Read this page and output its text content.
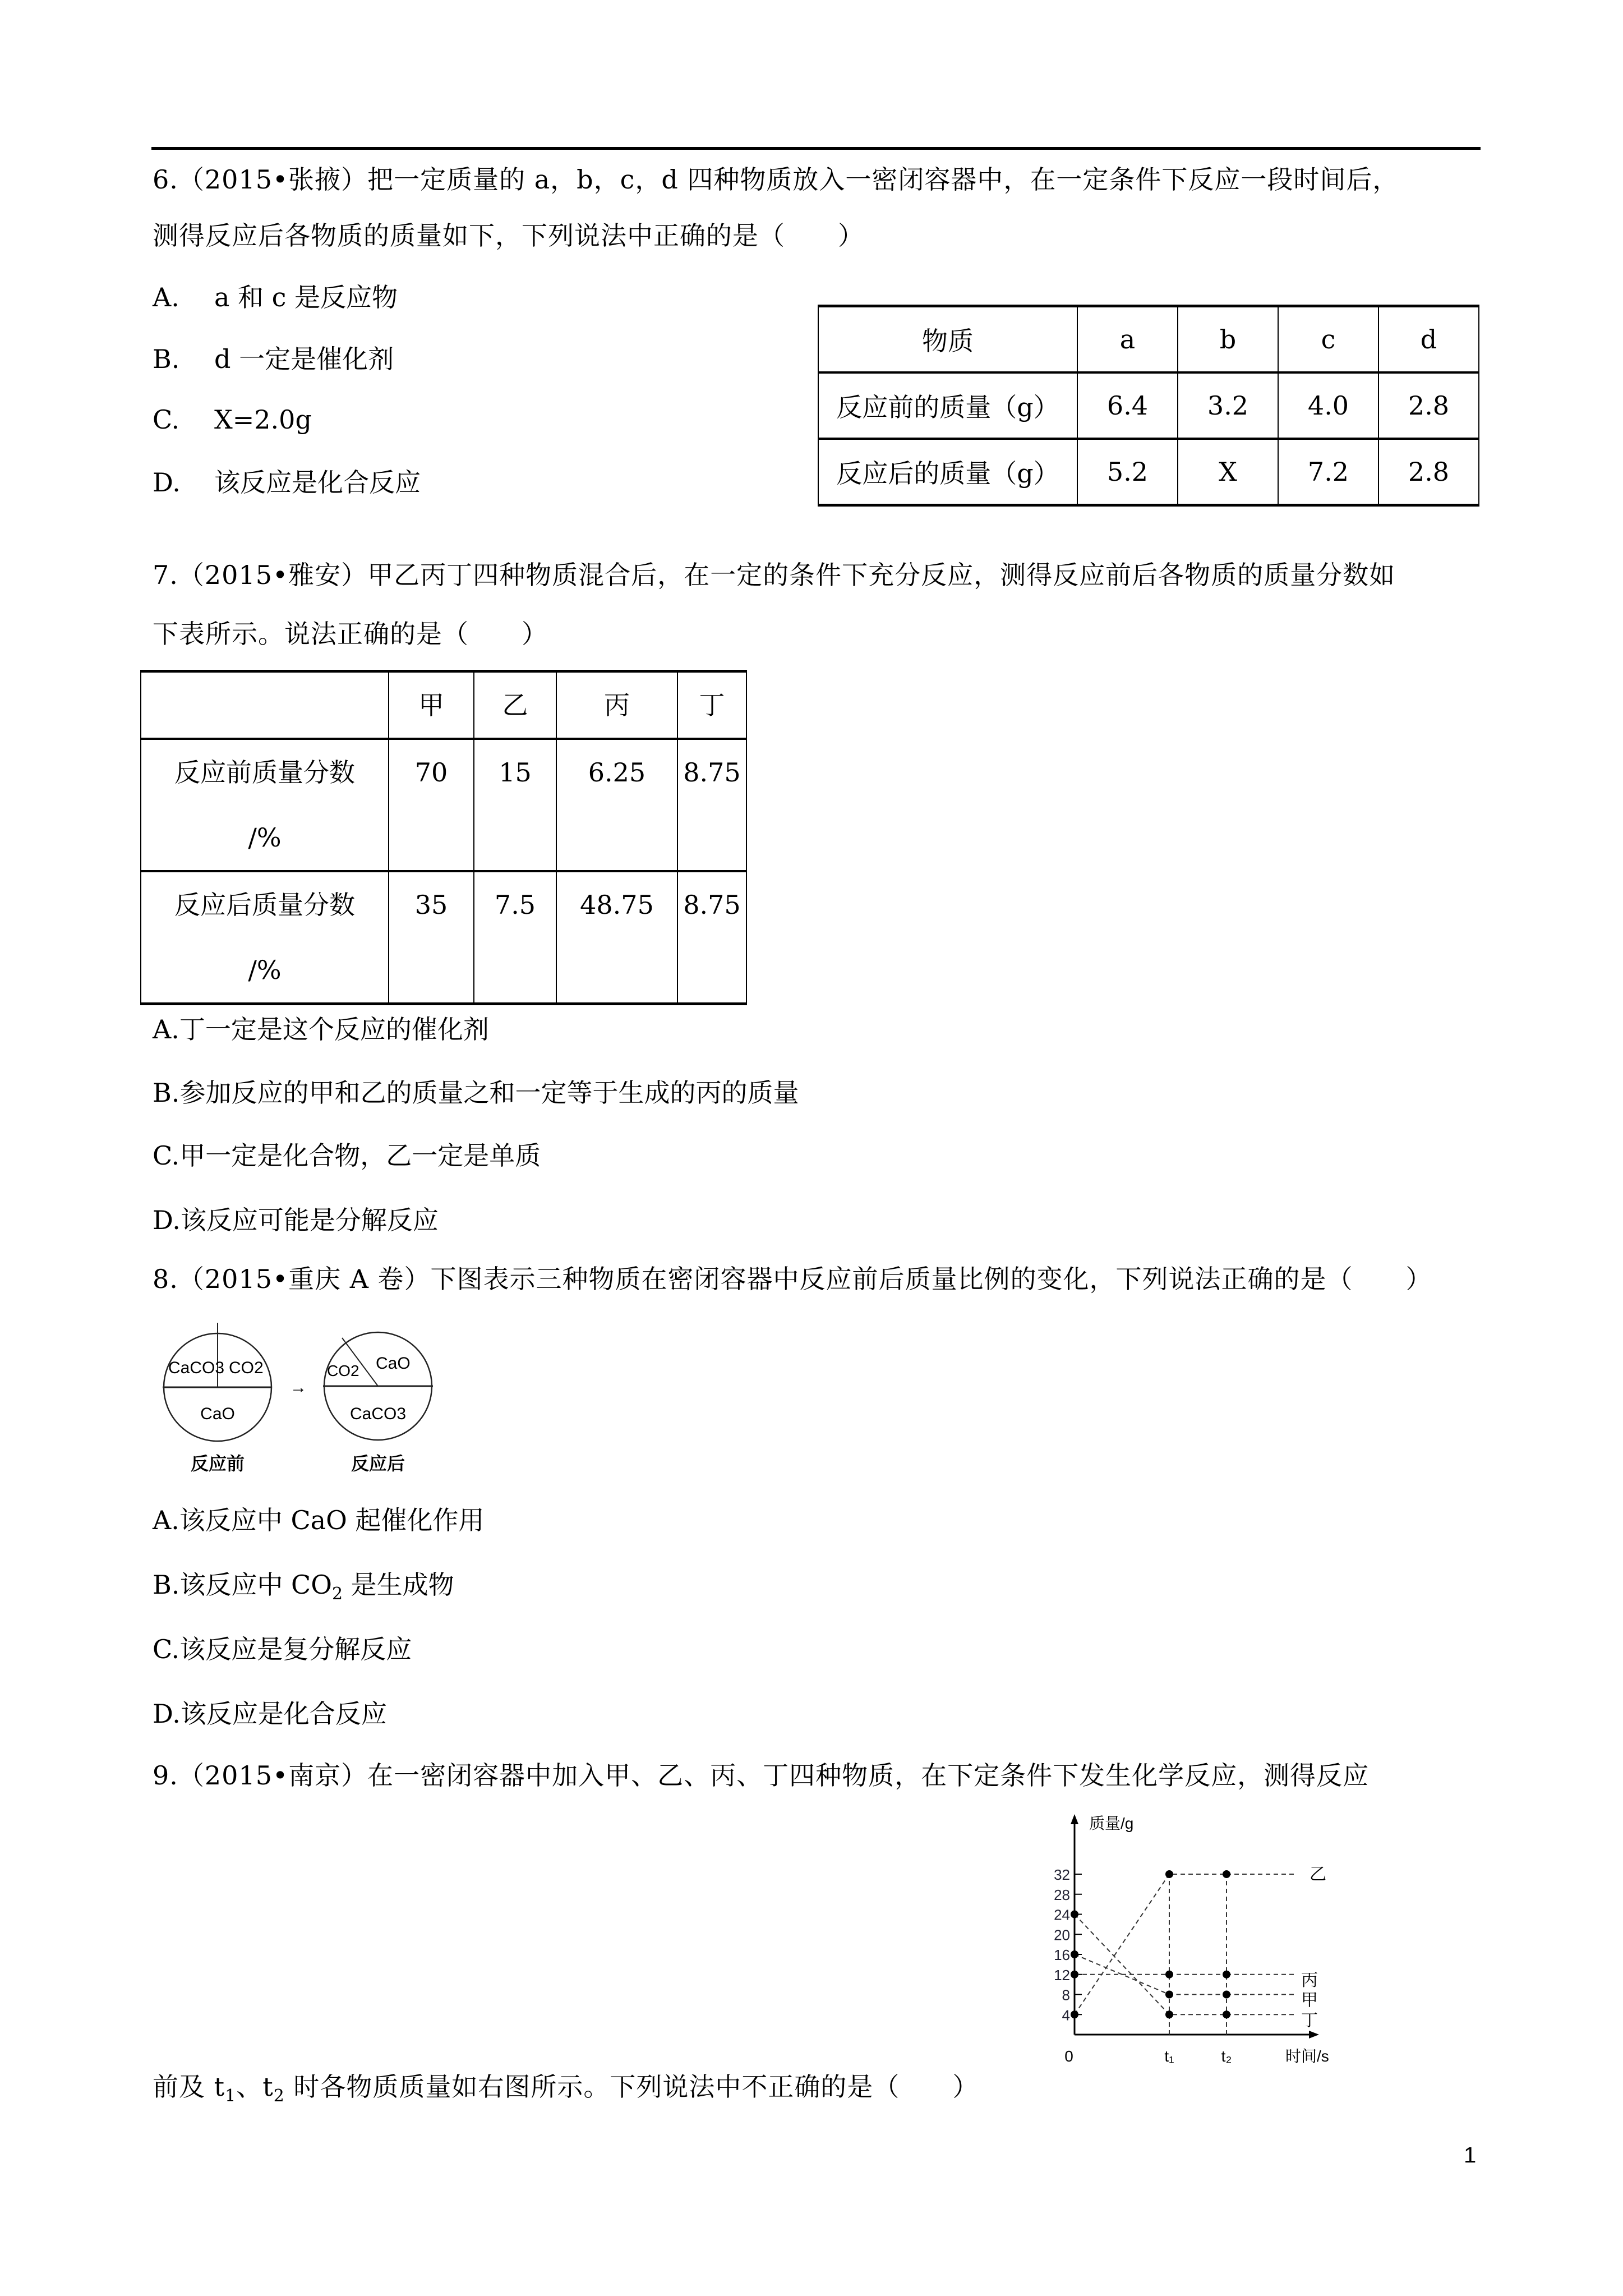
6.（2015•张掖）把一定质量的 a，b，c，d 四种物质放入一密闭容器中，在一定条件下反应一段时间后，
测得反应后各物质的质量如下，下列说法中正确的是（　　）
A. a 和 c 是反应物
B. d 一定是催化剂
C. X=2.0g
D. 该反应是化合反应
物质	a	b	c	d
反应前的质量（g）	6.4	3.2	4.0	2.8
反应后的质量（g）	5.2	X	7.2	2.8
7.（2015•雅安）甲乙丙丁四种物质混合后，在一定的条件下充分反应，测得反应前后各物质的质量分数如
下表所示。说法正确的是（　　）
	甲	乙	丙	丁

反应前质量分数
/%	70	15	6.25	8.75

反应后质量分数
/%	35	7.5	48.75	8.75
A.丁一定是这个反应的催化剂
B.参加反应的甲和乙的质量之和一定等于生成的丙的质量
C.甲一定是化合物，乙一定是单质
D.该反应可能是分解反应
8.（2015•重庆 A 卷）下图表示三种物质在密闭容器中反应前后质量比例的变化，下列说法正确的是（　　）
CaCO3 CO2
CaO
反应前
→
CO2 CaO
CaCO3
反应后
A.该反应中 CaO 起催化作用
B.该反应中 $CO_2$ 是生成物
C.该反应是复分解反应
D.该反应是化合反应
9.（2015•南京）在一密闭容器中加入甲、乙、丙、丁四种物质，在下定条件下发生化学反应，测得反应
前及 $t_1$、$t_2$ 时各物质质量如右图所示。下列说法中不正确的是（　　）
4
8
12
16
20
24
28
32	乙
丙
甲
丁
质量/g
时间/s
0	t₁	t₂
1
